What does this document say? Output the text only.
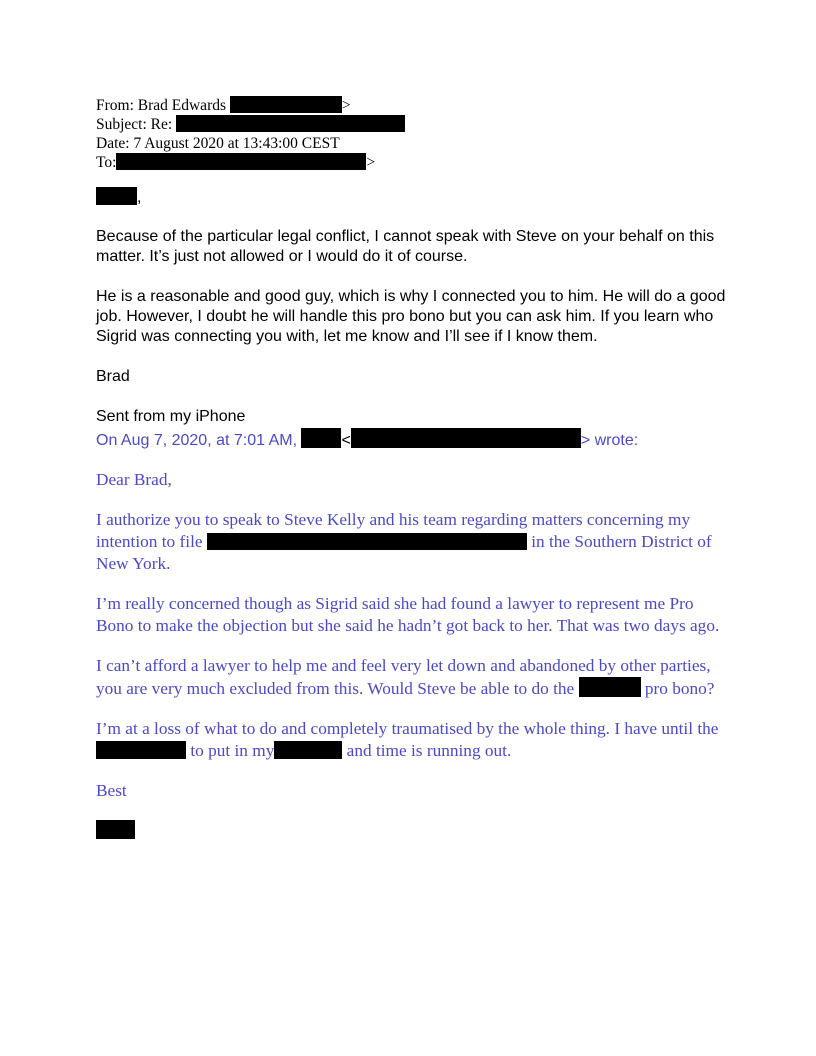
From: Brad Edwards	>
Subject: Re:
Date: 7 August 2020 at 13:43:00 CEST
To:	>

,

Because of the particular legal conflict, I cannot speak with Steve on your behalf on this matter. It’s just not allowed or I would do it of course.

He is a reasonable and good guy, which is why I connected you to him. He will do a good job. However, I doubt he will handle this pro bono but you can ask him. If you learn who Sigrid was connecting you with, let me know and I’ll see if I know them.

Brad

Sent from my iPhone

On Aug 7, 2020, at 7:01 AM,	<	> wrote:

Dear Brad,

I authorize you to speak to Steve Kelly and his team regarding matters concerning my intention to file	in the Southern District of New York.

I’m really concerned though as Sigrid said she had found a lawyer to represent me Pro Bono to make the objection but she said he hadn’t got back to her. That was two days ago.

I can’t afford a lawyer to help me and feel very let down and abandoned by other parties, you are very much excluded from this. Would Steve be able to do the	pro bono?

I’m at a loss of what to do and completely traumatised by the whole thing. I have until the  to put in my	and time is running out.

Best
